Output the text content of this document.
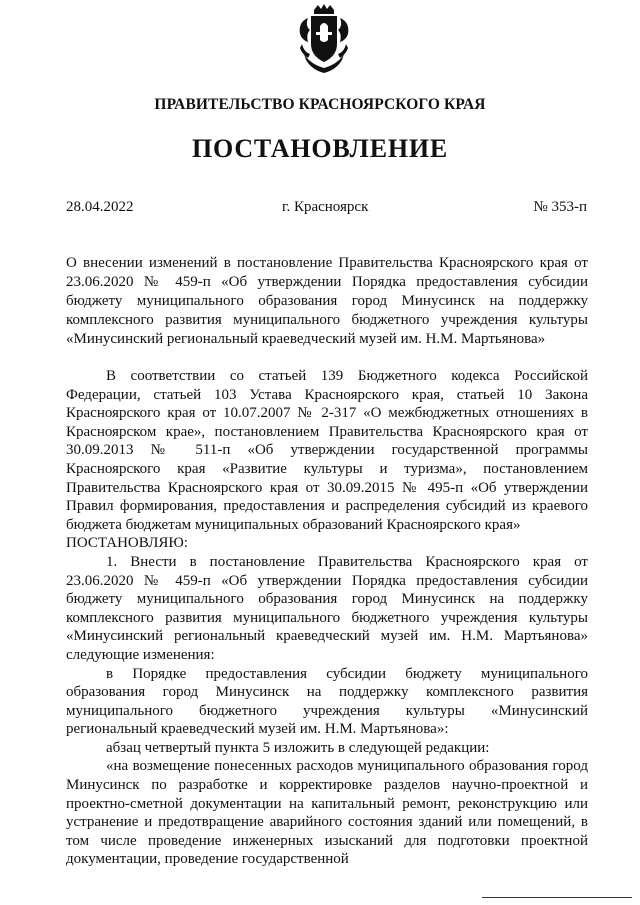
ПРАВИТЕЛЬСТВО КРАСНОЯРСКОГО КРАЯ
ПОСТАНОВЛЕНИЕ
28.04.2022	г. Красноярск	№ 353-п
О внесении изменений в постановление Правительства Красноярского края от 23.06.2020 № 459-п «Об утверждении Порядка предоставления субсидии бюджету муниципального образования город Минусинск на поддержку комплексного развития муниципального бюджетного учреждения культуры «Минусинский региональный краеведческий музей им. Н.М. Мартьянова»

В соответствии со статьей 139 Бюджетного кодекса Российской Федерации, статьей 103 Устава Красноярского края, статьей 10 Закона Красноярского края от 10.07.2007 № 2-317 «О межбюджетных отношениях в Красноярском крае», постановлением Правительства Красноярского края от 30.09.2013 № 511-п «Об утверждении государственной программы Красноярского края «Развитие культуры и туризма», постановлением Правительства Красноярского края от 30.09.2015 № 495-п «Об утверждении Правил формирования, предоставления и распределения субсидий из краевого бюджета бюджетам муниципальных образований Красноярского края»

ПОСТАНОВЛЯЮ:

1. Внести в постановление Правительства Красноярского края от 23.06.2020 № 459-п «Об утверждении Порядка предоставления субсидии бюджету муниципального образования город Минусинск на поддержку комплексного развития муниципального бюджетного учреждения культуры «Минусинский региональный краеведческий музей им. Н.М. Мартьянова» следующие изменения:

в Порядке предоставления субсидии бюджету муниципального образования город Минусинск на поддержку комплексного развития муниципального бюджетного учреждения культуры «Минусинский региональный краеведческий музей им. Н.М. Мартьянова»:

абзац четвертый пункта 5 изложить в следующей редакции:

«на возмещение понесенных расходов муниципального образования город Минусинск по разработке и корректировке разделов научно-проектной и проектно-сметной документации на капитальный ремонт, реконструкцию или устранение и предотвращение аварийного состояния зданий или помещений, в том числе проведение инженерных изысканий для подготовки проектной документации, проведение государственной
